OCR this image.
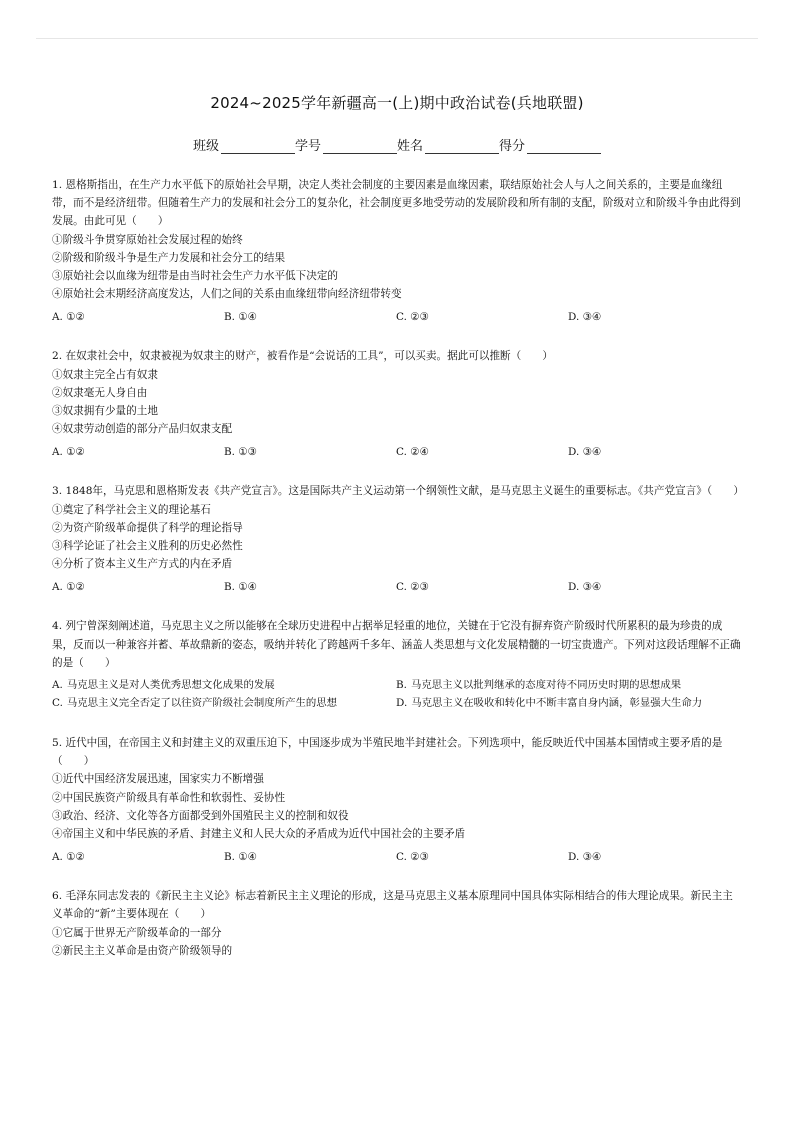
2024~2025学年新疆高一(上)期中政治试卷(兵地联盟)
班级	学号	姓名	得分
1. 恩格斯指出，在生产力水平低下的原始社会早期，决定人类社会制度的主要因素是血缘因素，联结原始社会人与人之间关系的，主要是血缘纽带，而不是经济纽带。但随着生产力的发展和社会分工的复杂化，社会制度更多地受劳动的发展阶段和所有制的支配，阶级对立和阶级斗争由此得到发展。由此可见（　　）
①阶级斗争贯穿原始社会发展过程的始终
②阶级和阶级斗争是生产力发展和社会分工的结果
③原始社会以血缘为纽带是由当时社会生产力水平低下决定的
④原始社会末期经济高度发达，人们之间的关系由血缘纽带向经济纽带转变
A. ①②	B. ①④	C. ②③	D. ③④
2. 在奴隶社会中，奴隶被视为奴隶主的财产，被看作是“会说话的工具”，可以买卖。据此可以推断（　　）
①奴隶主完全占有奴隶
②奴隶毫无人身自由
③奴隶拥有少量的土地
④奴隶劳动创造的部分产品归奴隶支配
A. ①②	B. ①③	C. ②④	D. ③④
3. 1848年，马克思和恩格斯发表《共产党宣言》。这是国际共产主义运动第一个纲领性文献，是马克思主义诞生的重要标志。《共产党宣言》（　　）
①奠定了科学社会主义的理论基石
②为资产阶级革命提供了科学的理论指导
③科学论证了社会主义胜利的历史必然性
④分析了资本主义生产方式的内在矛盾
A. ①②	B. ①④	C. ②③	D. ③④
4. 列宁曾深刻阐述道，马克思主义之所以能够在全球历史进程中占据举足轻重的地位，关键在于它没有摒弃资产阶级时代所累积的最为珍贵的成果，反而以一种兼容并蓄、革故鼎新的姿态，吸纳并转化了跨越两千多年、涵盖人类思想与文化发展精髓的一切宝贵遗产。下列对这段话理解不正确的是（　　）
A. 马克思主义是对人类优秀思想文化成果的发展	B. 马克思主义以批判继承的态度对待不同历史时期的思想成果
C. 马克思主义完全否定了以往资产阶级社会制度所产生的思想	D. 马克思主义在吸收和转化中不断丰富自身内涵，彰显强大生命力
5. 近代中国，在帝国主义和封建主义的双重压迫下，中国逐步成为半殖民地半封建社会。下列选项中，能反映近代中国基本国情或主要矛盾的是（　　）
①近代中国经济发展迅速，国家实力不断增强
②中国民族资产阶级具有革命性和软弱性、妥协性
③政治、经济、文化等各方面都受到外国殖民主义的控制和奴役
④帝国主义和中华民族的矛盾、封建主义和人民大众的矛盾成为近代中国社会的主要矛盾
A. ①②	B. ①④	C. ②③	D. ③④
6. 毛泽东同志发表的《新民主主义论》标志着新民主主义理论的形成，这是马克思主义基本原理同中国具体实际相结合的伟大理论成果。新民主主义革命的“新”主要体现在（　　）
①它属于世界无产阶级革命的一部分
②新民主主义革命是由资产阶级领导的
